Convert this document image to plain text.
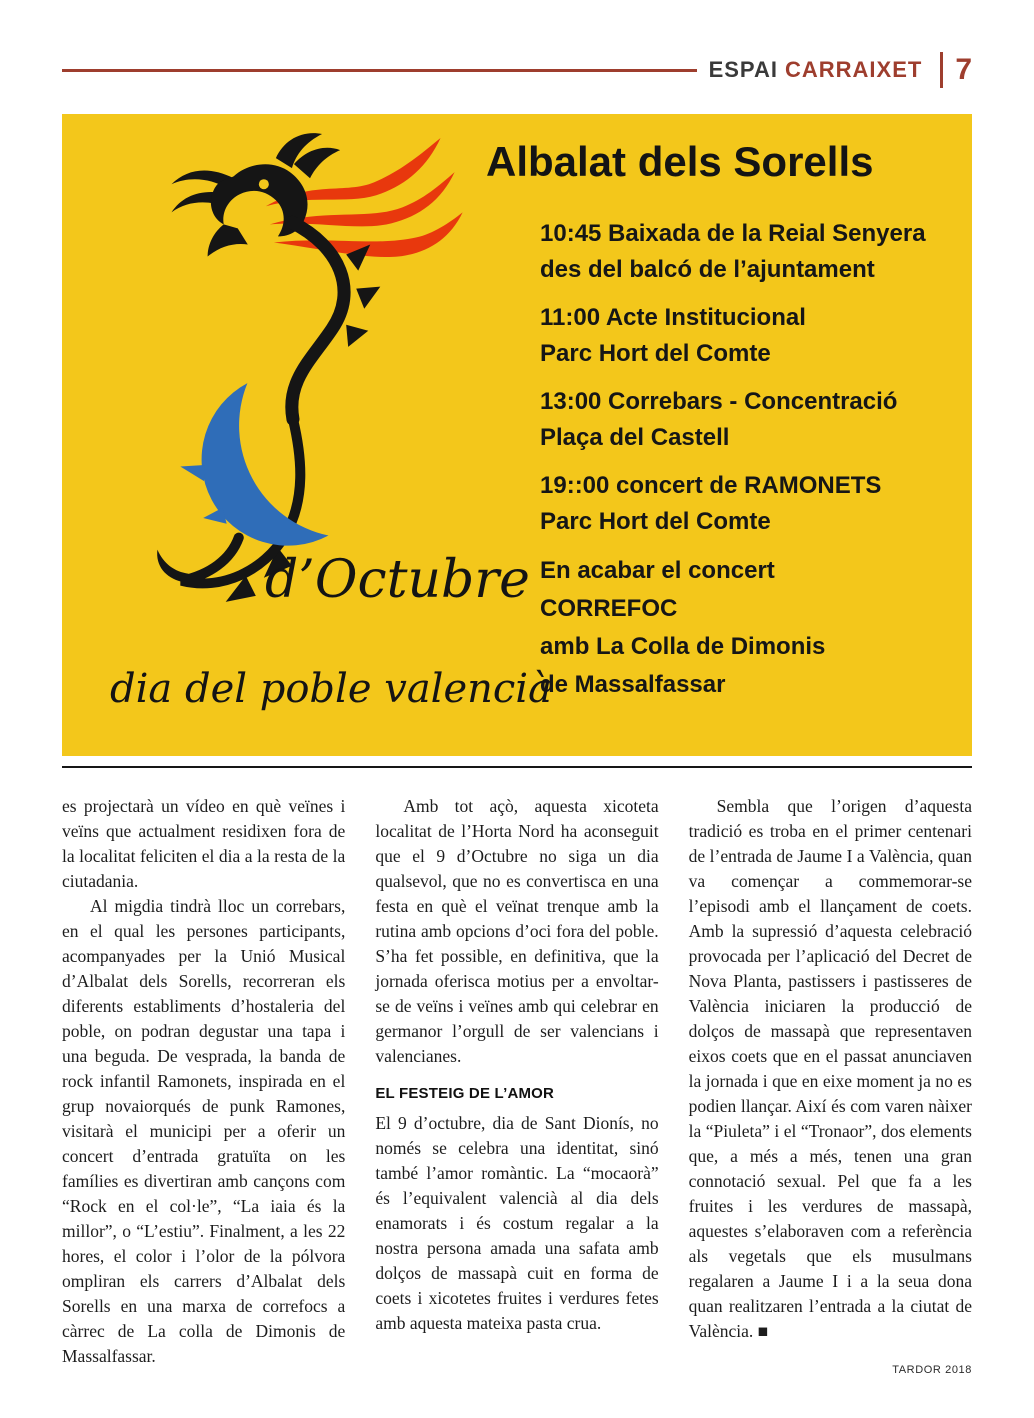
ESPAI CARRAIXET 7
Albalat dels Sorells
10:45 Baixada de la Reial Senyera
des del balcó de l’ajuntament
11:00 Acte Institucional
Parc Hort del Comte
13:00 Correbars - Concentració
Plaça del Castell
19::00 concert de RAMONETS
Parc Hort del Comte
En acabar el concert
CORREFOC
amb La Colla de Dimonis
de Massalfassar
d’Octubre
dia del poble valencià

es projectarà un vídeo en què veïnes i veïns que actualment residixen fora de la localitat feliciten el dia a la resta de la ciutadania.

Al migdia tindrà lloc un correbars, en el qual les persones participants, acompanyades per la Unió Musical d’Albalat dels Sorells, recorreran els diferents establiments d’hostaleria del poble, on podran degustar una tapa i una beguda. De vesprada, la banda de rock infantil Ramonets, inspirada en el grup novaiorqués de punk Ramones, visitarà el municipi per a oferir un concert d’entrada gratuïta on les famílies es divertiran amb cançons com “Rock en el col·le”, “La iaia és la millor”, o “L’estiu”. Finalment, a les 22 hores, el color i l’olor de la pólvora ompliran els carrers d’Albalat dels Sorells en una marxa de correfocs a càrrec de La colla de Dimonis de Massalfassar.

Amb tot açò, aquesta xicoteta localitat de l’Horta Nord ha aconseguit que el 9 d’Octubre no siga un dia qualsevol, que no es convertisca en una festa en què el veïnat trenque amb la rutina amb opcions d’oci fora del poble. S’ha fet possible, en definitiva, que la jornada oferisca motius per a envoltar-se de veïns i veïnes amb qui celebrar en germanor l’orgull de ser valencians i valencianes.

EL FESTEIG DE L’AMOR

El 9 d’octubre, dia de Sant Dionís, no només se celebra una identitat, sinó també l’amor romàntic. La “mocaorà” és l’equivalent valencià al dia dels enamorats i és costum regalar a la nostra persona amada una safata amb dolços de massapà cuit en forma de coets i xicotetes fruites i verdures fetes amb aquesta mateixa pasta crua.

Sembla que l’origen d’aquesta tradició es troba en el primer centenari de l’entrada de Jaume I a València, quan va començar a commemorar-se l’episodi amb el llançament de coets. Amb la supressió d’aquesta celebració provocada per l’aplicació del Decret de Nova Planta, pastissers i pastisseres de València iniciaren la producció de dolços de massapà que representaven eixos coets que en el passat anunciaven la jornada i que en eixe moment ja no es podien llançar. Així és com varen nàixer la “Piuleta” i el “Tronaor”, dos elements que, a més a més, tenen una gran connotació sexual. Pel que fa a les fruites i les verdures de massapà, aquestes s’elaboraven com a referència als vegetals que els musulmans regalaren a Jaume I i a la seua dona quan realitzaren l’entrada a la ciutat de València. ■

TARDOR 2018
